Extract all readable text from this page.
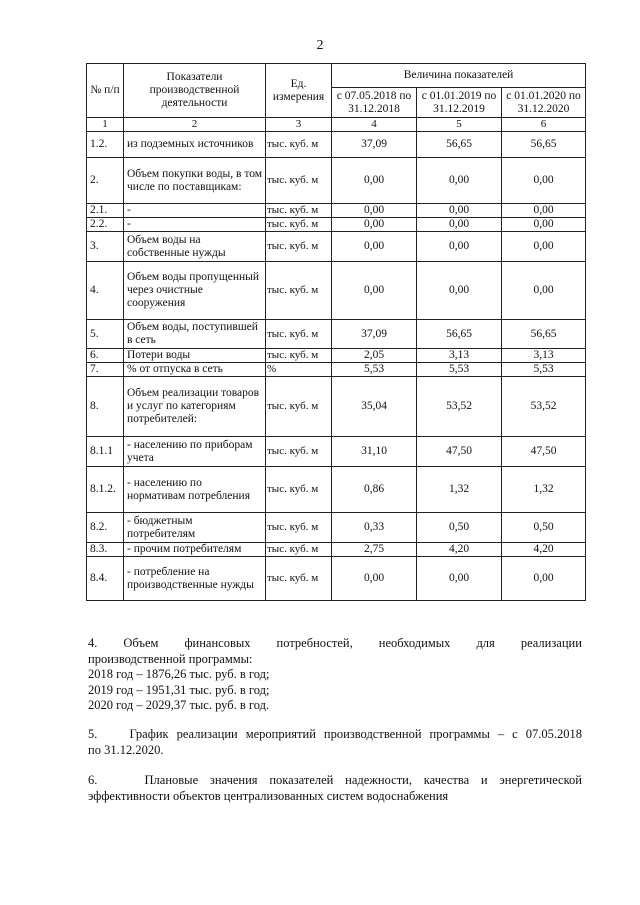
2
№ п/п	Показатели производственной деятельности	Ед. измерения	Величина показателей		
			с 07.05.2018 по 31.12.2018	с 01.01.2019 по 31.12.2019	с 01.01.2020 по 31.12.2020
1	2	3	4	5	6
1.2.	из подземных источников	тыс. куб. м	37,09	56,65	56,65
2.	Объем покупки воды, в том числе по поставщикам:	тыс. куб. м	0,00	0,00	0,00
2.1.	-	тыс. куб. м	0,00	0,00	0,00
2.2.	-	тыс. куб. м	0,00	0,00	0,00
3.	Объем воды на собственные нужды	тыс. куб. м	0,00	0,00	0,00
4.	Объем воды пропущенный через очистные сооружения	тыс. куб. м	0,00	0,00	0,00
5.	Объем воды, поступившей в сеть	тыс. куб. м	37,09	56,65	56,65
6.	Потери воды	тыс. куб. м	2,05	3,13	3,13
7.	% от отпуска в сеть	%	5,53	5,53	5,53
8.	Объем реализации товаров и услуг по категориям потребителей:	тыс. куб. м	35,04	53,52	53,52
8.1.1	- населению по приборам учета	тыс. куб. м	31,10	47,50	47,50
8.1.2.	- населению по нормативам потребления	тыс. куб. м	0,86	1,32	1,32
8.2.	- бюджетным потребителям	тыс. куб. м	0,33	0,50	0,50
8.3.	- прочим потребителям	тыс. куб. м	2,75	4,20	4,20
8.4.	- потребление на производственные нужды	тыс. куб. м	0,00	0,00	0,00
4. Объем финансовых потребностей, необходимых для реализации
производственной программы:
2018 год – 1876,26 тыс. руб. в год;
2019 год – 1951,31 тыс. руб. в год;
2020 год – 2029,37 тыс. руб. в год.
5.    График реализации мероприятий производственной программы – с 07.05.2018
по 31.12.2020.
6.    Плановые значения показателей надежности, качества и энергетической
эффективности объектов централизованных систем водоснабжения
